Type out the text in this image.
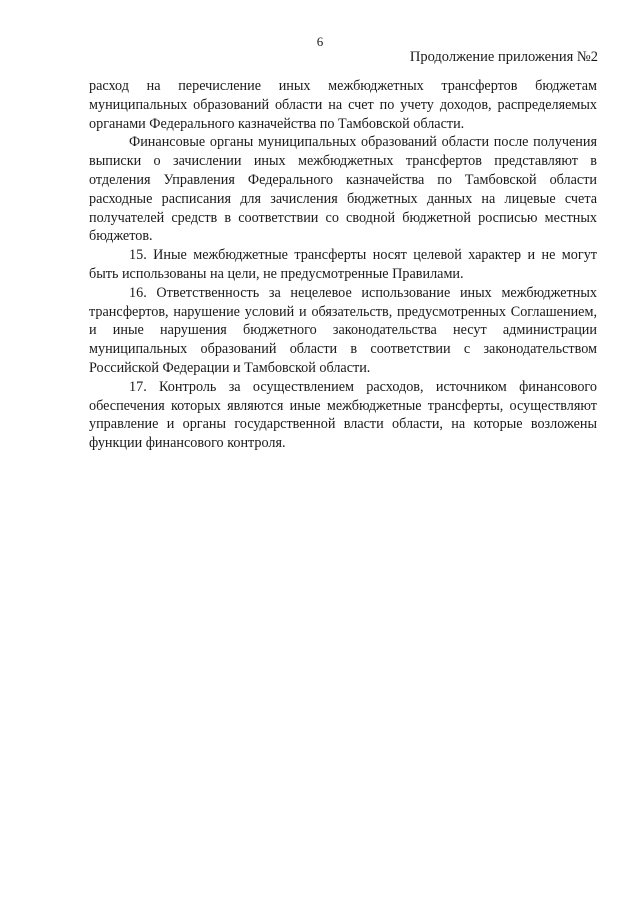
6
Продолжение приложения №2

расход на перечисление иных межбюджетных трансфертов бюджетам муниципальных образований области на счет по учету доходов, распределяемых органами Федерального казначейства по Тамбовской области.

Финансовые органы муниципальных образований области после получения выписки о зачислении иных межбюджетных трансфертов представляют в отделения Управления Федерального казначейства по Тамбовской области расходные расписания для зачисления бюджетных данных на лицевые счета получателей средств в соответствии со сводной бюджетной росписью местных бюджетов.

15. Иные межбюджетные трансферты носят целевой характер и не могут быть использованы на цели, не предусмотренные Правилами.

16. Ответственность за нецелевое использование иных межбюджетных трансфертов, нарушение условий и обязательств, предусмотренных Соглашением, и иные нарушения бюджетного законодательства несут администрации муниципальных образований области в соответствии с законодательством Российской Федерации и Тамбовской области.

17. Контроль за осуществлением расходов, источником финансового обеспечения которых являются иные межбюджетные трансферты, осуществляют управление и органы государственной власти области, на которые возложены функции финансового контроля.
